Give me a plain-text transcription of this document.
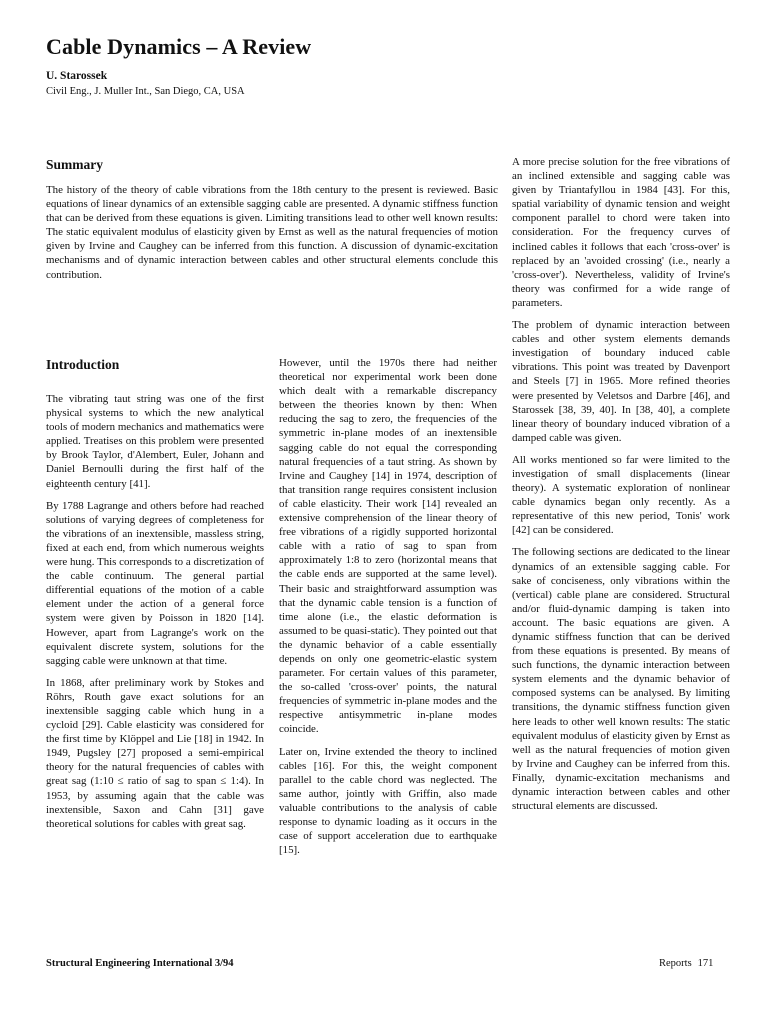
Cable Dynamics – A Review
U. Starossek
Civil Eng., J. Muller Int., San Diego, CA, USA
Summary
The history of the theory of cable vibrations from the 18th century to the present is reviewed. Basic equations of linear dynamics of an extensible sagging cable are presented. A dynamic stiffness function that can be derived from these equations is given. Limiting transitions lead to other well known results: The static equivalent modulus of elasticity given by Ernst as well as the natural frequencies of motion given by Irvine and Caughey can be inferred from this function. A discussion of dynamic-excitation mechanisms and of dynamic interaction between cables and other structural elements conclude this contribution.
Introduction

The vibrating taut string was one of the first physical systems to which the new analytical tools of modern mechanics and mathematics were applied. Treatises on this problem were presented by Brook Taylor, d'Alembert, Euler, Johann and Daniel Bernoulli during the first half of the eighteenth century [41].

By 1788 Lagrange and others before had reached solutions of varying degrees of completeness for the vibrations of an inextensible, massless string, fixed at each end, from which numerous weights were hung. This corresponds to a discretization of the cable continuum. The general partial differential equations of the motion of a cable element under the action of a general force system were given by Poisson in 1820 [14]. However, apart from Lagrange's work on the equivalent discrete system, solutions for the sagging cable were unknown at that time.

In 1868, after preliminary work by Stokes and Röhrs, Routh gave exact solutions for an inextensible sagging cable which hung in a cycloid [29]. Cable elasticity was considered for the first time by Klöppel and Lie [18] in 1942. In 1949, Pugsley [27] proposed a semi-empirical theory for the natural frequencies of cables with great sag (1:10 ≤ ratio of sag to span ≤ 1:4). In 1953, by assuming again that the cable was inextensible, Saxon and Cahn [31] gave theoretical solutions for cables with great sag.

However, until the 1970s there had neither theoretical nor experimental work been done which dealt with a remarkable discrepancy between the theories known by then: When reducing the sag to zero, the frequencies of the symmetric in-plane modes of an inextensible sagging cable do not equal the corresponding natural frequencies of a taut string. As shown by Irvine and Caughey [14] in 1974, description of that transition range requires consistent inclusion of cable elasticity. Their work [14] revealed an extensive comprehension of the linear theory of free vibrations of a rigidly supported horizontal cable with a ratio of sag to span from approximately 1:8 to zero (horizontal means that the cable ends are supported at the same level). Their basic and straightforward assumption was that the dynamic cable tension is a function of time alone (i.e., the elastic deformation is assumed to be quasi-static). They pointed out that the dynamic behavior of a cable essentially depends on only one geometric-elastic system parameter. For certain values of this parameter, the so-called 'cross-over' points, the natural frequencies of symmetric in-plane modes and the respective antisymmetric in-plane modes coincide.

Later on, Irvine extended the theory to inclined cables [16]. For this, the weight component parallel to the cable chord was neglected. The same author, jointly with Griffin, also made valuable contributions to the analysis of cable response to dynamic loading as it occurs in the case of support acceleration due to earthquake [15].

A more precise solution for the free vibrations of an inclined extensible and sagging cable was given by Triantafyllou in 1984 [43]. For this, spatial variability of dynamic tension and weight component parallel to chord were taken into consideration. For the frequency curves of inclined cables it follows that each 'cross-over' is replaced by an 'avoided crossing' (i.e., nearly a 'cross-over'). Nevertheless, validity of Irvine's theory was confirmed for a wide range of parameters.

The problem of dynamic interaction between cables and other system elements demands investigation of boundary induced cable vibrations. This point was treated by Davenport and Steels [7] in 1965. More refined theories were presented by Veletsos and Darbre [46], and Starossek [38, 39, 40]. In [38, 40], a complete linear theory of boundary induced vibration of a damped cable was given.

All works mentioned so far were limited to the investigation of small displacements (linear theory). A systematic exploration of nonlinear cable dynamics began only recently. As a representative of this new period, Tonis' work [42] can be considered.

The following sections are dedicated to the linear dynamics of an extensible sagging cable. For sake of conciseness, only vibrations within the (vertical) cable plane are considered. Structural and/or fluid-dynamic damping is taken into account. The basic equations are given. A dynamic stiffness function that can be derived from these equations is presented. By means of such functions, the dynamic interaction between system elements and the dynamic behavior of composed systems can be analysed. By limiting transitions, the dynamic stiffness function given here leads to other well known results: The static equivalent modulus of elasticity given by Ernst as well as the natural frequencies of motion given by Irvine and Caughey can be inferred from this. Finally, dynamic-excitation mechanisms and dynamic interaction between cables and other structural elements are discussed.

Structural Engineering International 3/94	Reports 171
